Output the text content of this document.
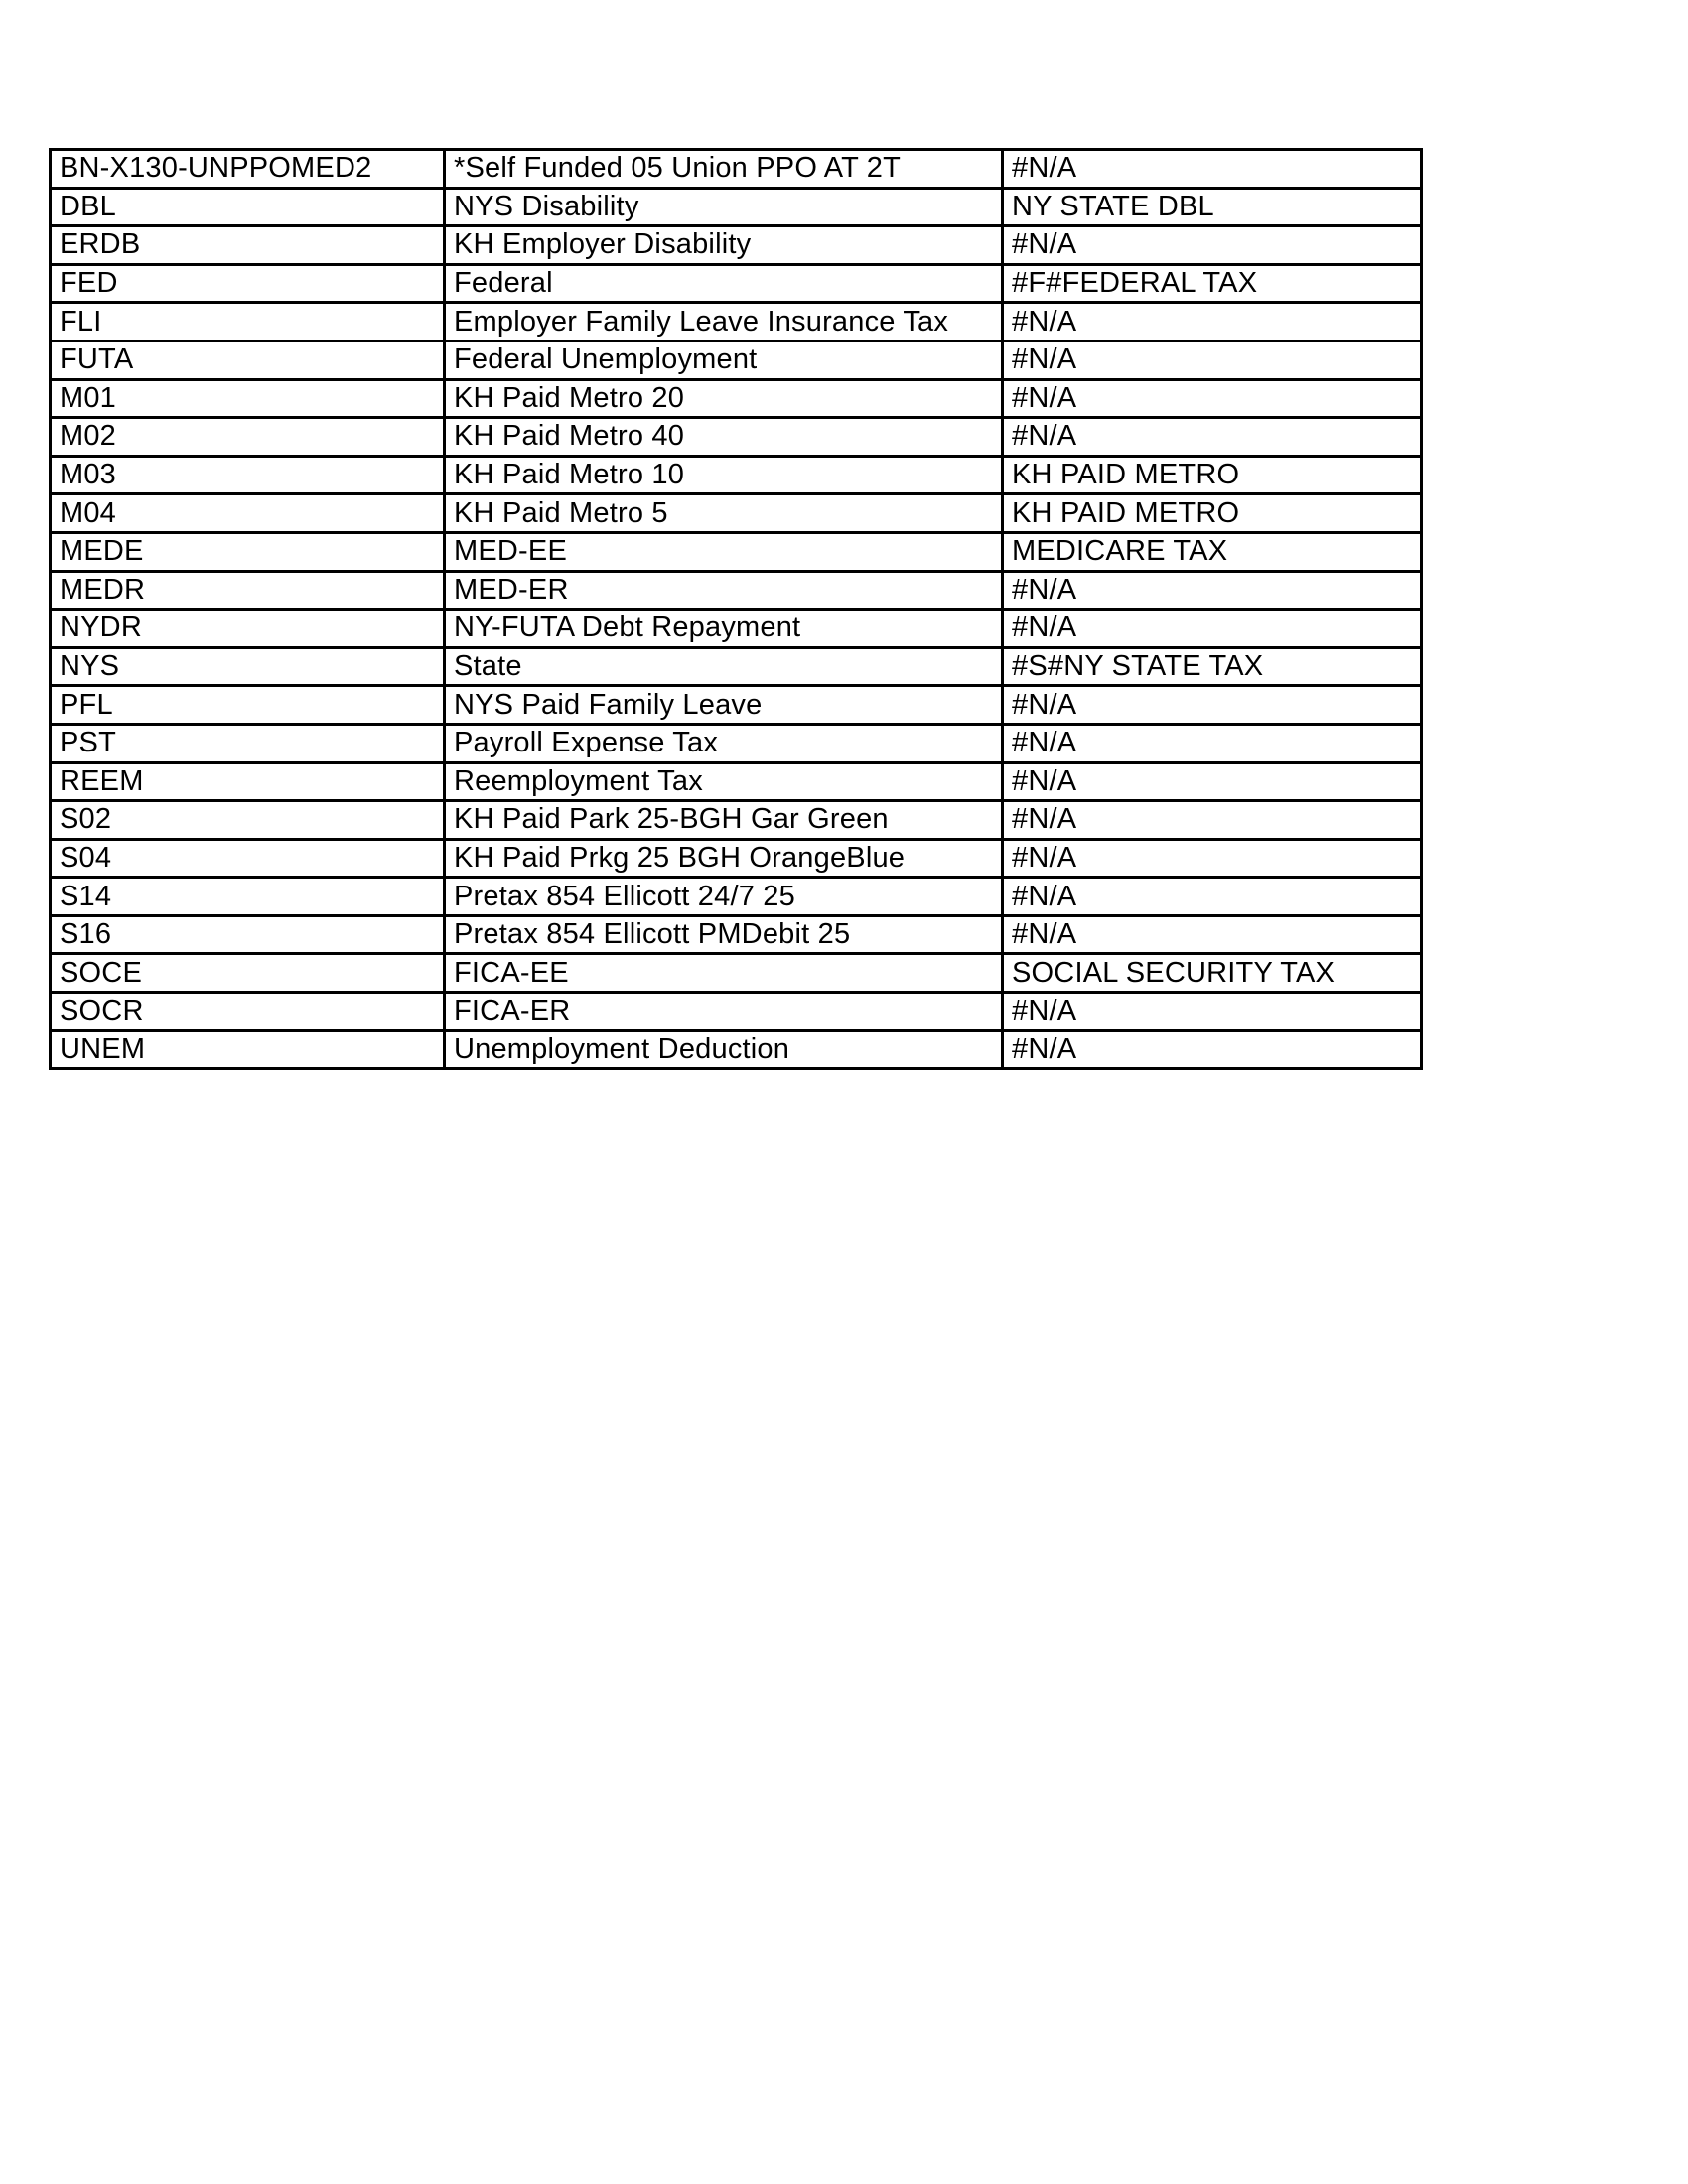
BN-X130-UNPPOMED2	*Self Funded 05 Union PPO AT 2T	#N/A
DBL	NYS Disability	NY STATE DBL
ERDB	KH Employer Disability	#N/A
FED	Federal	#F#FEDERAL TAX
FLI	Employer Family Leave Insurance Tax	#N/A
FUTA	Federal Unemployment	#N/A
M01	KH Paid Metro 20	#N/A
M02	KH Paid Metro 40	#N/A
M03	KH Paid Metro 10	KH PAID METRO
M04	KH Paid Metro 5	KH PAID METRO
MEDE	MED-EE	MEDICARE TAX
MEDR	MED-ER	#N/A
NYDR	NY-FUTA Debt Repayment	#N/A
NYS	State	#S#NY STATE TAX
PFL	NYS Paid Family Leave	#N/A
PST	Payroll Expense Tax	#N/A
REEM	Reemployment Tax	#N/A
S02	KH Paid Park 25-BGH Gar Green	#N/A
S04	KH Paid Prkg 25 BGH OrangeBlue	#N/A
S14	Pretax 854 Ellicott 24/7 25	#N/A
S16	Pretax 854 Ellicott PMDebit 25	#N/A
SOCE	FICA-EE	SOCIAL SECURITY TAX
SOCR	FICA-ER	#N/A
UNEM	Unemployment Deduction	#N/A
